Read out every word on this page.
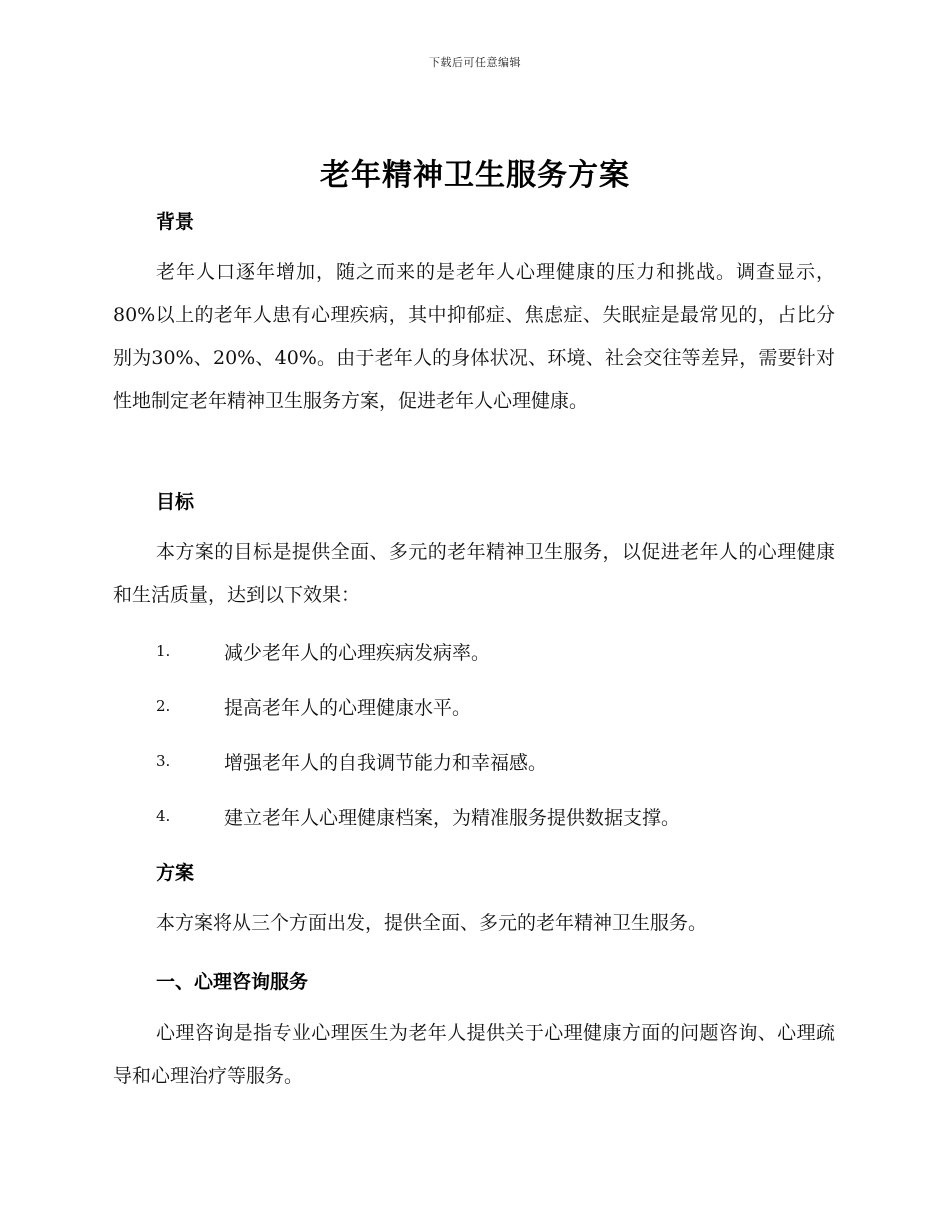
下载后可任意编辑
老年精神卫生服务方案
背景
老年人口逐年增加，随之而来的是老年人心理健康的压力和挑战。调查显示，80%以上的老年人患有心理疾病，其中抑郁症、焦虑症、失眠症是最常见的，占比分别为30%、20%、40%。由于老年人的身体状况、环境、社会交往等差异，需要针对性地制定老年精神卫生服务方案，促进老年人心理健康。
目标
本方案的目标是提供全面、多元的老年精神卫生服务，以促进老年人的心理健康和生活质量，达到以下效果：
1.	减少老年人的心理疾病发病率。
2.	提高老年人的心理健康水平。
3.	增强老年人的自我调节能力和幸福感。
4.	建立老年人心理健康档案，为精准服务提供数据支撑。
方案
本方案将从三个方面出发，提供全面、多元的老年精神卫生服务。
一、心理咨询服务
心理咨询是指专业心理医生为老年人提供关于心理健康方面的问题咨询、心理疏导和心理治疗等服务。
